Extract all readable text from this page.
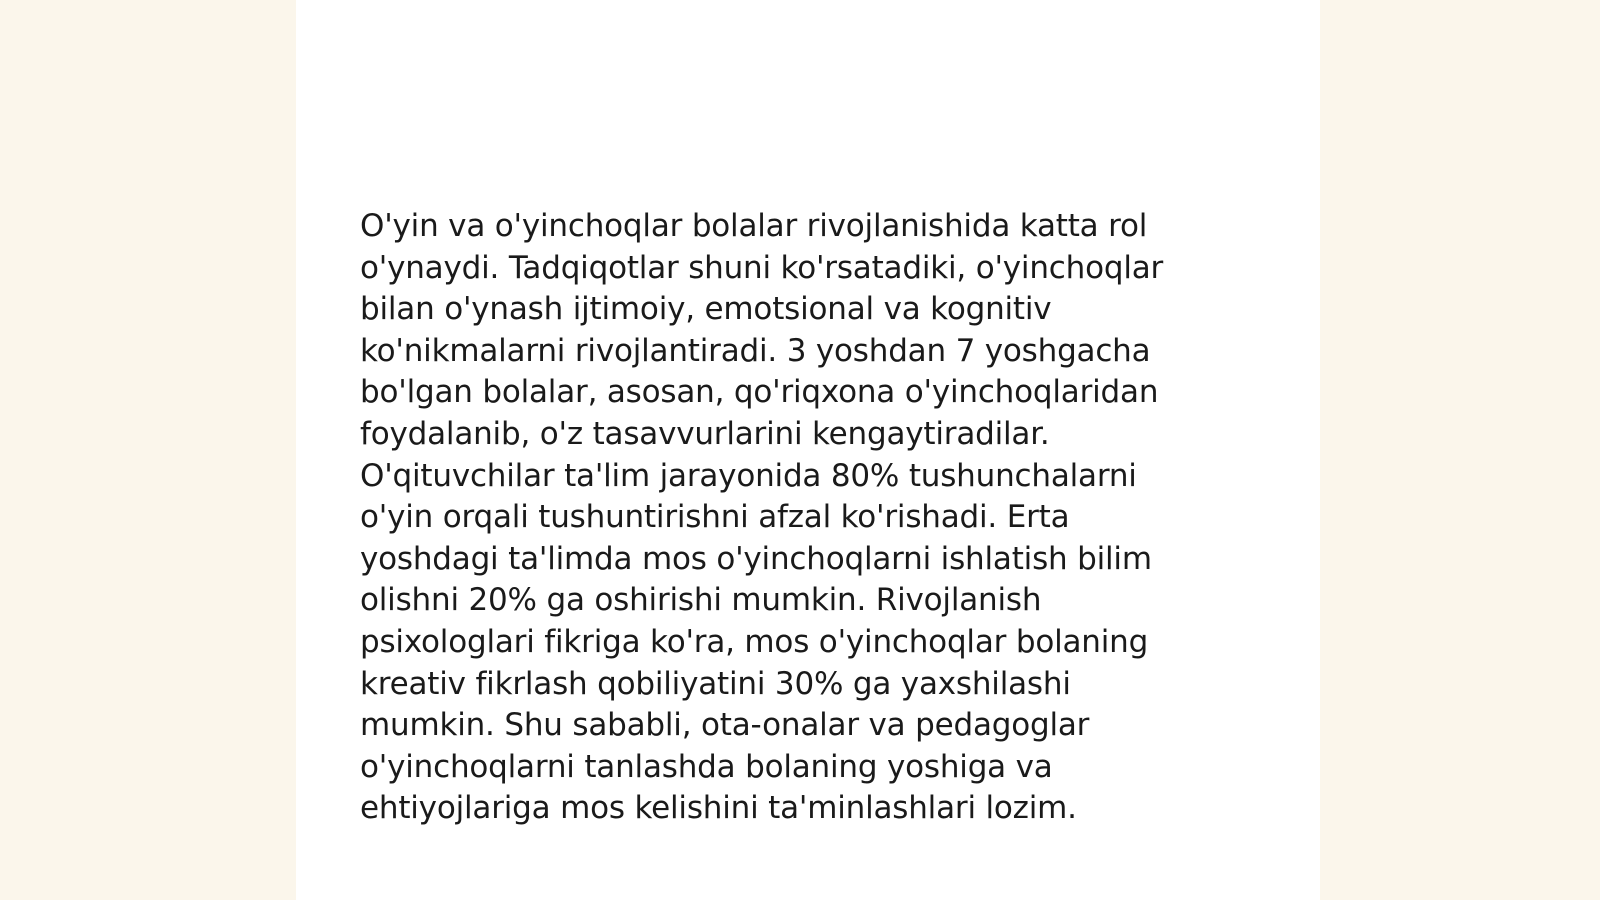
O'yin va o'yinchoqlar bolalar rivojlanishida katta rol
o'ynaydi. Tadqiqotlar shuni ko'rsatadiki, o'yinchoqlar
bilan o'ynash ijtimoiy, emotsional va kognitiv
ko'nikmalarni rivojlantiradi. 3 yoshdan 7 yoshgacha
bo'lgan bolalar, asosan, qo'riqxona o'yinchoqlaridan
foydalanib, o'z tasavvurlarini kengaytiradilar.
O'qituvchilar ta'lim jarayonida 80% tushunchalarni
o'yin orqali tushuntirishni afzal ko'rishadi. Erta
yoshdagi ta'limda mos o'yinchoqlarni ishlatish bilim
olishni 20% ga oshirishi mumkin. Rivojlanish
psixologlari fikriga ko'ra, mos o'yinchoqlar bolaning
kreativ fikrlash qobiliyatini 30% ga yaxshilashi
mumkin. Shu sababli, ota-onalar va pedagoglar
o'yinchoqlarni tanlashda bolaning yoshiga va
ehtiyojlariga mos kelishini ta'minlashlari lozim.
